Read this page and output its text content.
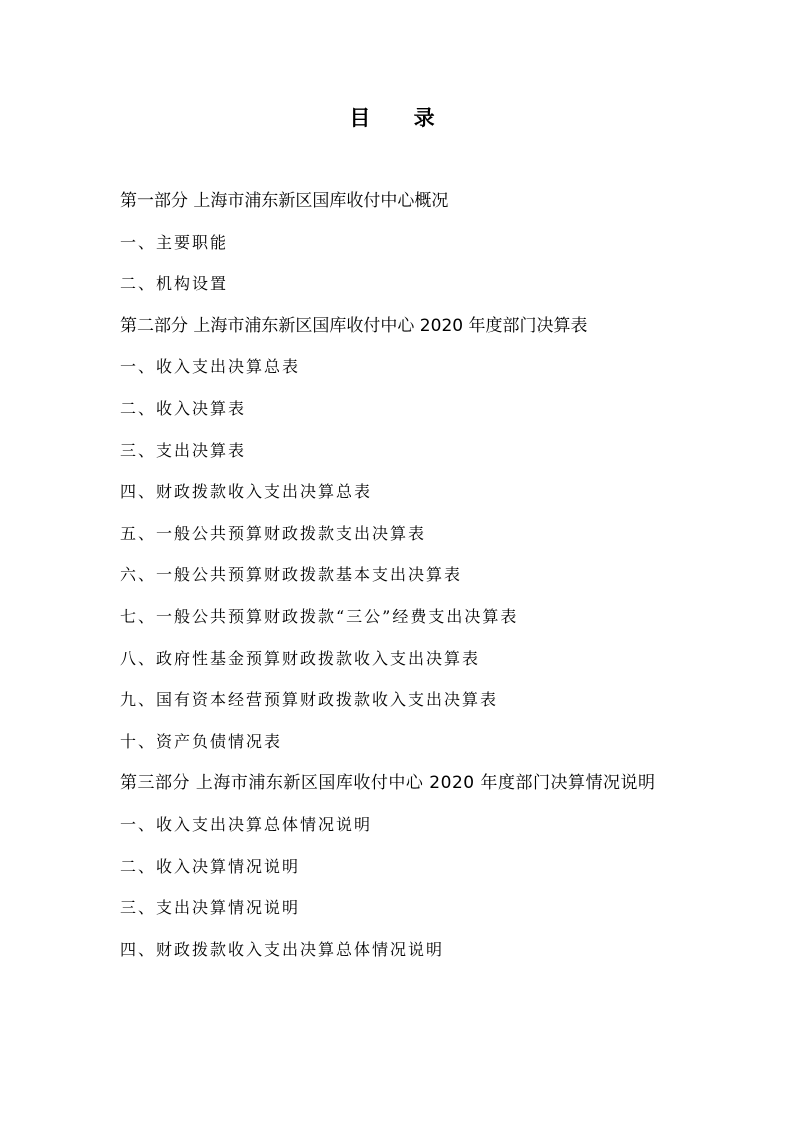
目 录
第一部分 上海市浦东新区国库收付中心概况
一、主要职能
二、机构设置
第二部分 上海市浦东新区国库收付中心 2020 年度部门决算表
一、收入支出决算总表
二、收入决算表
三、支出决算表
四、财政拨款收入支出决算总表
五、一般公共预算财政拨款支出决算表
六、一般公共预算财政拨款基本支出决算表
七、一般公共预算财政拨款“三公”经费支出决算表
八、政府性基金预算财政拨款收入支出决算表
九、国有资本经营预算财政拨款收入支出决算表
十、资产负债情况表
第三部分 上海市浦东新区国库收付中心 2020 年度部门决算情况说明
一、收入支出决算总体情况说明
二、收入决算情况说明
三、支出决算情况说明
四、财政拨款收入支出决算总体情况说明
